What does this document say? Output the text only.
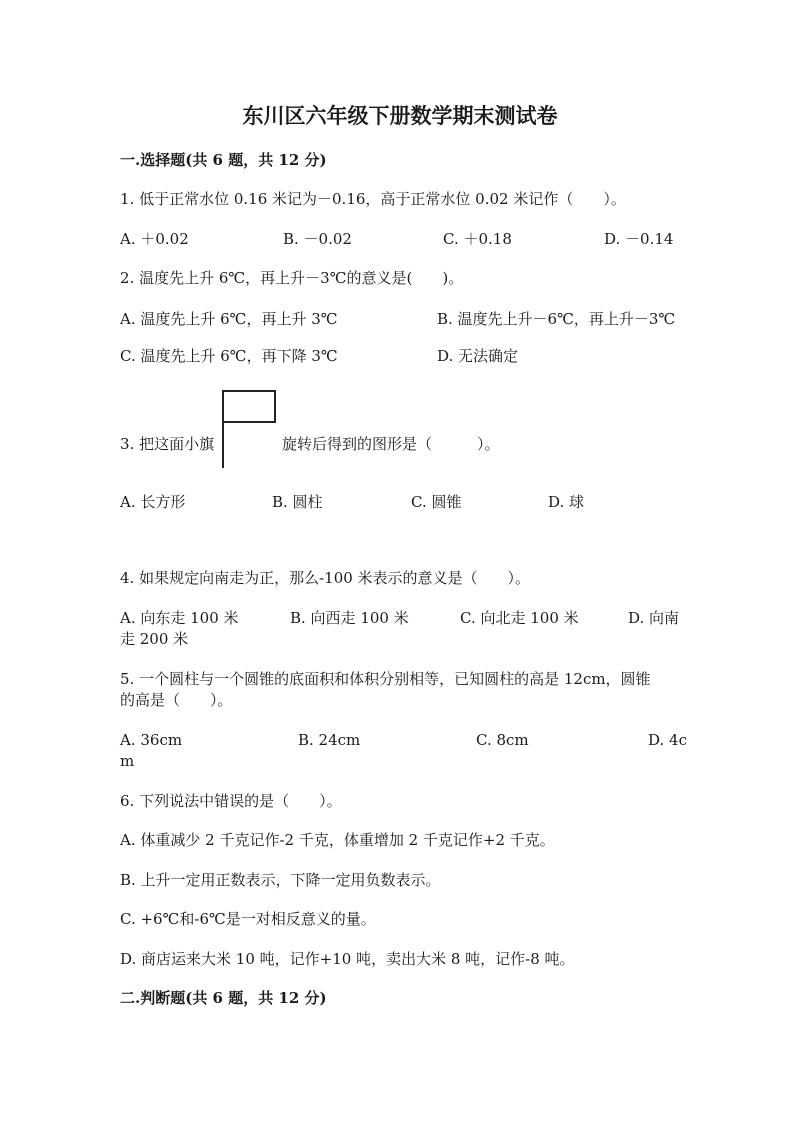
东川区六年级下册数学期末测试卷
一.选择题(共 6 题，共 12 分)
1. 低于正常水位 0.16 米记为－0.16，高于正常水位 0.02 米记作（　　）。
A. ＋0.02	B. －0.02	C. ＋0.18	D. －0.14
2. 温度先上升 6℃，再上升－3℃的意义是(　　)。
A. 温度先上升 6℃，再上升 3℃	B. 温度先上升－6℃，再上升－3℃
C. 温度先上升 6℃，再下降 3℃	D. 无法确定
3. 把这面小旗	旋转后得到的图形是（　　　）。
A. 长方形	B. 圆柱	C. 圆锥	D. 球
4. 如果规定向南走为正，那么-100 米表示的意义是（　　）。
A. 向东走 100 米	B. 向西走 100 米	C. 向北走 100 米	D. 向南
走 200 米
5. 一个圆柱与一个圆锥的底面积和体积分别相等，已知圆柱的高是 12cm，圆锥
的高是（　　）。
A. 36cm	B. 24cm	C. 8cm	D. 4c
m
6. 下列说法中错误的是（　　）。
A. 体重减少 2 千克记作-2 千克，体重增加 2 千克记作+2 千克。
B. 上升一定用正数表示，下降一定用负数表示。
C. +6℃和-6℃是一对相反意义的量。
D. 商店运来大米 10 吨，记作+10 吨，卖出大米 8 吨，记作-8 吨。
二.判断题(共 6 题，共 12 分)
